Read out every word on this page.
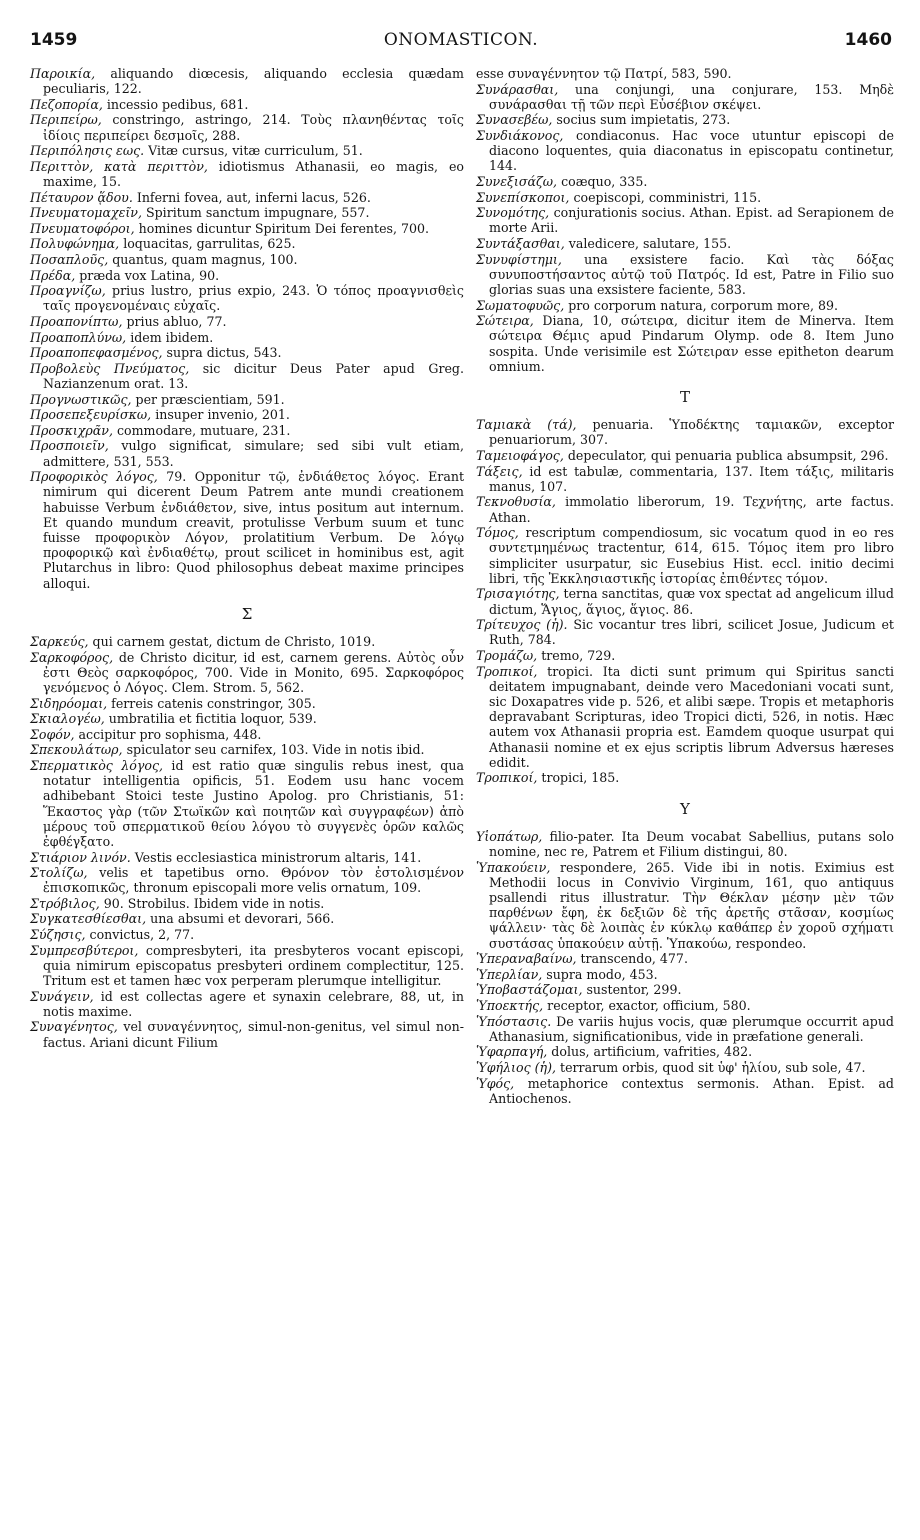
1459	ONOMASTICON.	1460
Παροικία, aliquando diœcesis, aliquando ecclesia quædam peculiaris, 122.
Πεζοπορία, incessio pedibus, 681.
Περιπείρω, constringo, astringo, 214. Τοὺς πλανηθέντας τοῖς ἰδίοις περιπείρει δεσμοῖς, 288.
Περιπόλησις εως. Vitæ cursus, vitæ curriculum, 51.
Περιττὸν, κατὰ περιττὸν, idiotismus Athanasii, eo magis, eo maxime, 15.
Πέταυρον ᾅδου. Inferni fovea, aut, inferni lacus, 526.
Πνευματομαχεῖν, Spiritum sanctum impugnare, 557.
Πνευματοφόροι, homines dicuntur Spiritum Dei ferentes, 700.
Πολυφώνημα, loquacitas, garrulitas, 625.
Ποσαπλοῦς, quantus, quam magnus, 100.
Πρέδα, præda vox Latina, 90.
Προαγνίζω, prius lustro, prius expio, 243. Ὁ τόπος προαγνισθεὶς ταῖς προγενομέναις εὐχαῖς.
Προαπονίπτω, prius abluo, 77.
Προαποπλύνω, idem ibidem.
Προαποπεφασμένος, supra dictus, 543.
Προβολεὺς Πνεύματος, sic dicitur Deus Pater apud Greg. Nazianzenum orat. 13.
Προγνωστικῶς, per præscientiam, 591.
Προσεπεξευρίσκω, insuper invenio, 201.
Προσκιχρᾶν, commodare, mutuare, 231.
Προσποιεῖν, vulgo significat, simulare; sed sibi vult etiam, admittere, 531, 553.
Προφορικὸς λόγος, 79. Opponitur τῷ, ἐνδιάθετος λόγος. Erant nimirum qui dicerent Deum Patrem ante mundi creationem habuisse Verbum ἐνδιάθετον, sive, intus positum aut internum. Et quando mundum creavit, protulisse Verbum suum et tunc fuisse προφορικὸν Λόγον, prolatitium Verbum. De λόγῳ προφορικῷ καὶ ἐνδιαθέτῳ, prout scilicet in hominibus est, agit Plutarchus in libro: Quod philosophus debeat maxime principes alloqui.
Σ
Σαρκεύς, qui carnem gestat, dictum de Christo, 1019.
Σαρκοφόρος, de Christo dicitur, id est, carnem gerens. Αὐτὸς οὖν ἐστι Θεὸς σαρκοφόρος, 700. Vide in Monito, 695. Σαρκοφόρος γενόμενος ὁ Λόγος. Clem. Strom. 5, 562.
Σιδηρόομαι, ferreis catenis constringor, 305.
Σκιαλογέω, umbratilia et fictitia loquor, 539.
Σοφόν, accipitur pro sophisma, 448.
Σπεκουλάτωρ, spiculator seu carnifex, 103. Vide in notis ibid.
Σπερματικὸς λόγος, id est ratio quæ singulis rebus inest, qua notatur intelligentia opificis, 51. Eodem usu hanc vocem adhibebant Stoici teste Justino Apolog. pro Christianis, 51: Ἕκαστος γὰρ (τῶν Στωϊκῶν καὶ ποιητῶν καὶ συγγραφέων) ἀπὸ μέρους τοῦ σπερματικοῦ θείου λόγου τὸ συγγενὲς ὁρῶν καλῶς ἐφθέγξατο.
Στιάριον λινόν. Vestis ecclesiastica ministrorum altaris, 141.
Στολίζω, velis et tapetibus orno. Θρόνον τὸν ἐστολισμένον ἐπισκοπικῶς, thronum episcopali more velis ornatum, 109.
Στρόβιλος, 90. Strobilus. Ibidem vide in notis.
Συγκατεσθίεσθαι, una absumi et devorari, 566.
Σύζησις, convictus, 2, 77.
Συμπρεσβύτεροι, compresbyteri, ita presbyteros vocant episcopi, quia nimirum episcopatus presbyteri ordinem complectitur, 125. Tritum est et tamen hæc vox perperam plerumque intelligitur.
Συνάγειν, id est collectas agere et synaxin celebrare, 88, ut, in notis maxime.
Συναγένητος, vel συναγέννητος, simul-non-genitus, vel simul non-factus. Ariani dicunt Filium
esse συναγέννητον τῷ Πατρί, 583, 590.
Συνάρασθαι, una conjungi, una conjurare, 153. Μηδὲ συνάρασθαι τῇ τῶν περὶ Εὐσέβιον σκέψει.
Συνασεβέω, socius sum impietatis, 273.
Συνδιάκονος, condiaconus. Hac voce utuntur episcopi de diacono loquentes, quia diaconatus in episcopatu continetur, 144.
Συνεξισάζω, coæquo, 335.
Συνεπίσκοποι, coepiscopi, comministri, 115.
Συνομότης, conjurationis socius. Athan. Epist. ad Serapionem de morte Arii.
Συντάξασθαι, valedicere, salutare, 155.
Συνυφίστημι, una exsistere facio. Καὶ τὰς δόξας συνυποστήσαντος αὐτῷ τοῦ Πατρός. Id est, Patre in Filio suo glorias suas una exsistere faciente, 583.
Σωματοφυῶς, pro corporum natura, corporum more, 89.
Σώτειρα, Diana, 10, σώτειρα, dicitur item de Minerva. Item σώτειρα Θέμις apud Pindarum Olymp. ode 8. Item Juno sospita. Unde verisimile est Σώτειραν esse epitheton dearum omnium.
T
Ταμιακὰ (τά), penuaria. Ὑποδέκτης ταμιακῶν, exceptor penuariorum, 307.
Ταμειοφάγος, depeculator, qui penuaria publica absumpsit, 296.
Τάξεις, id est tabulæ, commentaria, 137. Item τάξις, militaris manus, 107.
Τεκνοθυσία, immolatio liberorum, 19. Τεχνήτης, arte factus. Athan.
Τόμος, rescriptum compendiosum, sic vocatum quod in eo res συντετμημένως tractentur, 614, 615. Τόμος item pro libro simpliciter usurpatur, sic Eusebius Hist. eccl. initio decimi libri, τῆς Ἐκκλησιαστικῆς ἱστορίας ἐπιθέντες τόμον.
Τρισαγιότης, terna sanctitas, quæ vox spectat ad angelicum illud dictum, Ἅγιος, ἅγιος, ἅγιος. 86.
Τρίτευχος (ἡ). Sic vocantur tres libri, scilicet Josue, Judicum et Ruth, 784.
Τρομάζω, tremo, 729.
Τροπικοί, tropici. Ita dicti sunt primum qui Spiritus sancti deitatem impugnabant, deinde vero Macedoniani vocati sunt, sic Doxapatres vide p. 526, et alibi sæpe. Tropis et metaphoris depravabant Scripturas, ideo Tropici dicti, 526, in notis. Hæc autem vox Athanasii propria est. Eamdem quoque usurpat qui Athanasii nomine et ex ejus scriptis librum Adversus hæreses edidit.
Τροπικοί, tropici, 185.
Υ
Υἱοπάτωρ, filio-pater. Ita Deum vocabat Sabellius, putans solo nomine, nec re, Patrem et Filium distingui, 80.
Ὑπακούειν, respondere, 265. Vide ibi in notis. Eximius est Methodii locus in Convivio Virginum, 161, quo antiquus psallendi ritus illustratur. Τὴν Θέκλαν μέσην μὲν τῶν παρθένων ἔφη, ἐκ δεξιῶν δὲ τῆς ἀρετῆς στᾶσαν, κοσμίως ψάλλειν· τὰς δὲ λοιπὰς ἐν κύκλῳ καθάπερ ἐν χοροῦ σχήματι συστάσας ὑπακούειν αὐτῇ. Ὑπακούω, respondeo.
Ὑπεραναβαίνω, transcendo, 477.
Ὑπερλίαν, supra modo, 453.
Ὑποβαστάζομαι, sustentor, 299.
Ὑποεκτής, receptor, exactor, officium, 580.
Ὑπόστασις. De variis hujus vocis, quæ plerumque occurrit apud Athanasium, significationibus, vide in præfatione generali.
Ὑφαρπαγή, dolus, artificium, vafrities, 482.
Ὑφήλιος (ἡ), terrarum orbis, quod sit ὑφ' ἡλίου, sub sole, 47.
Ὑφός, metaphorice contextus sermonis. Athan. Epist. ad Antiochenos.
